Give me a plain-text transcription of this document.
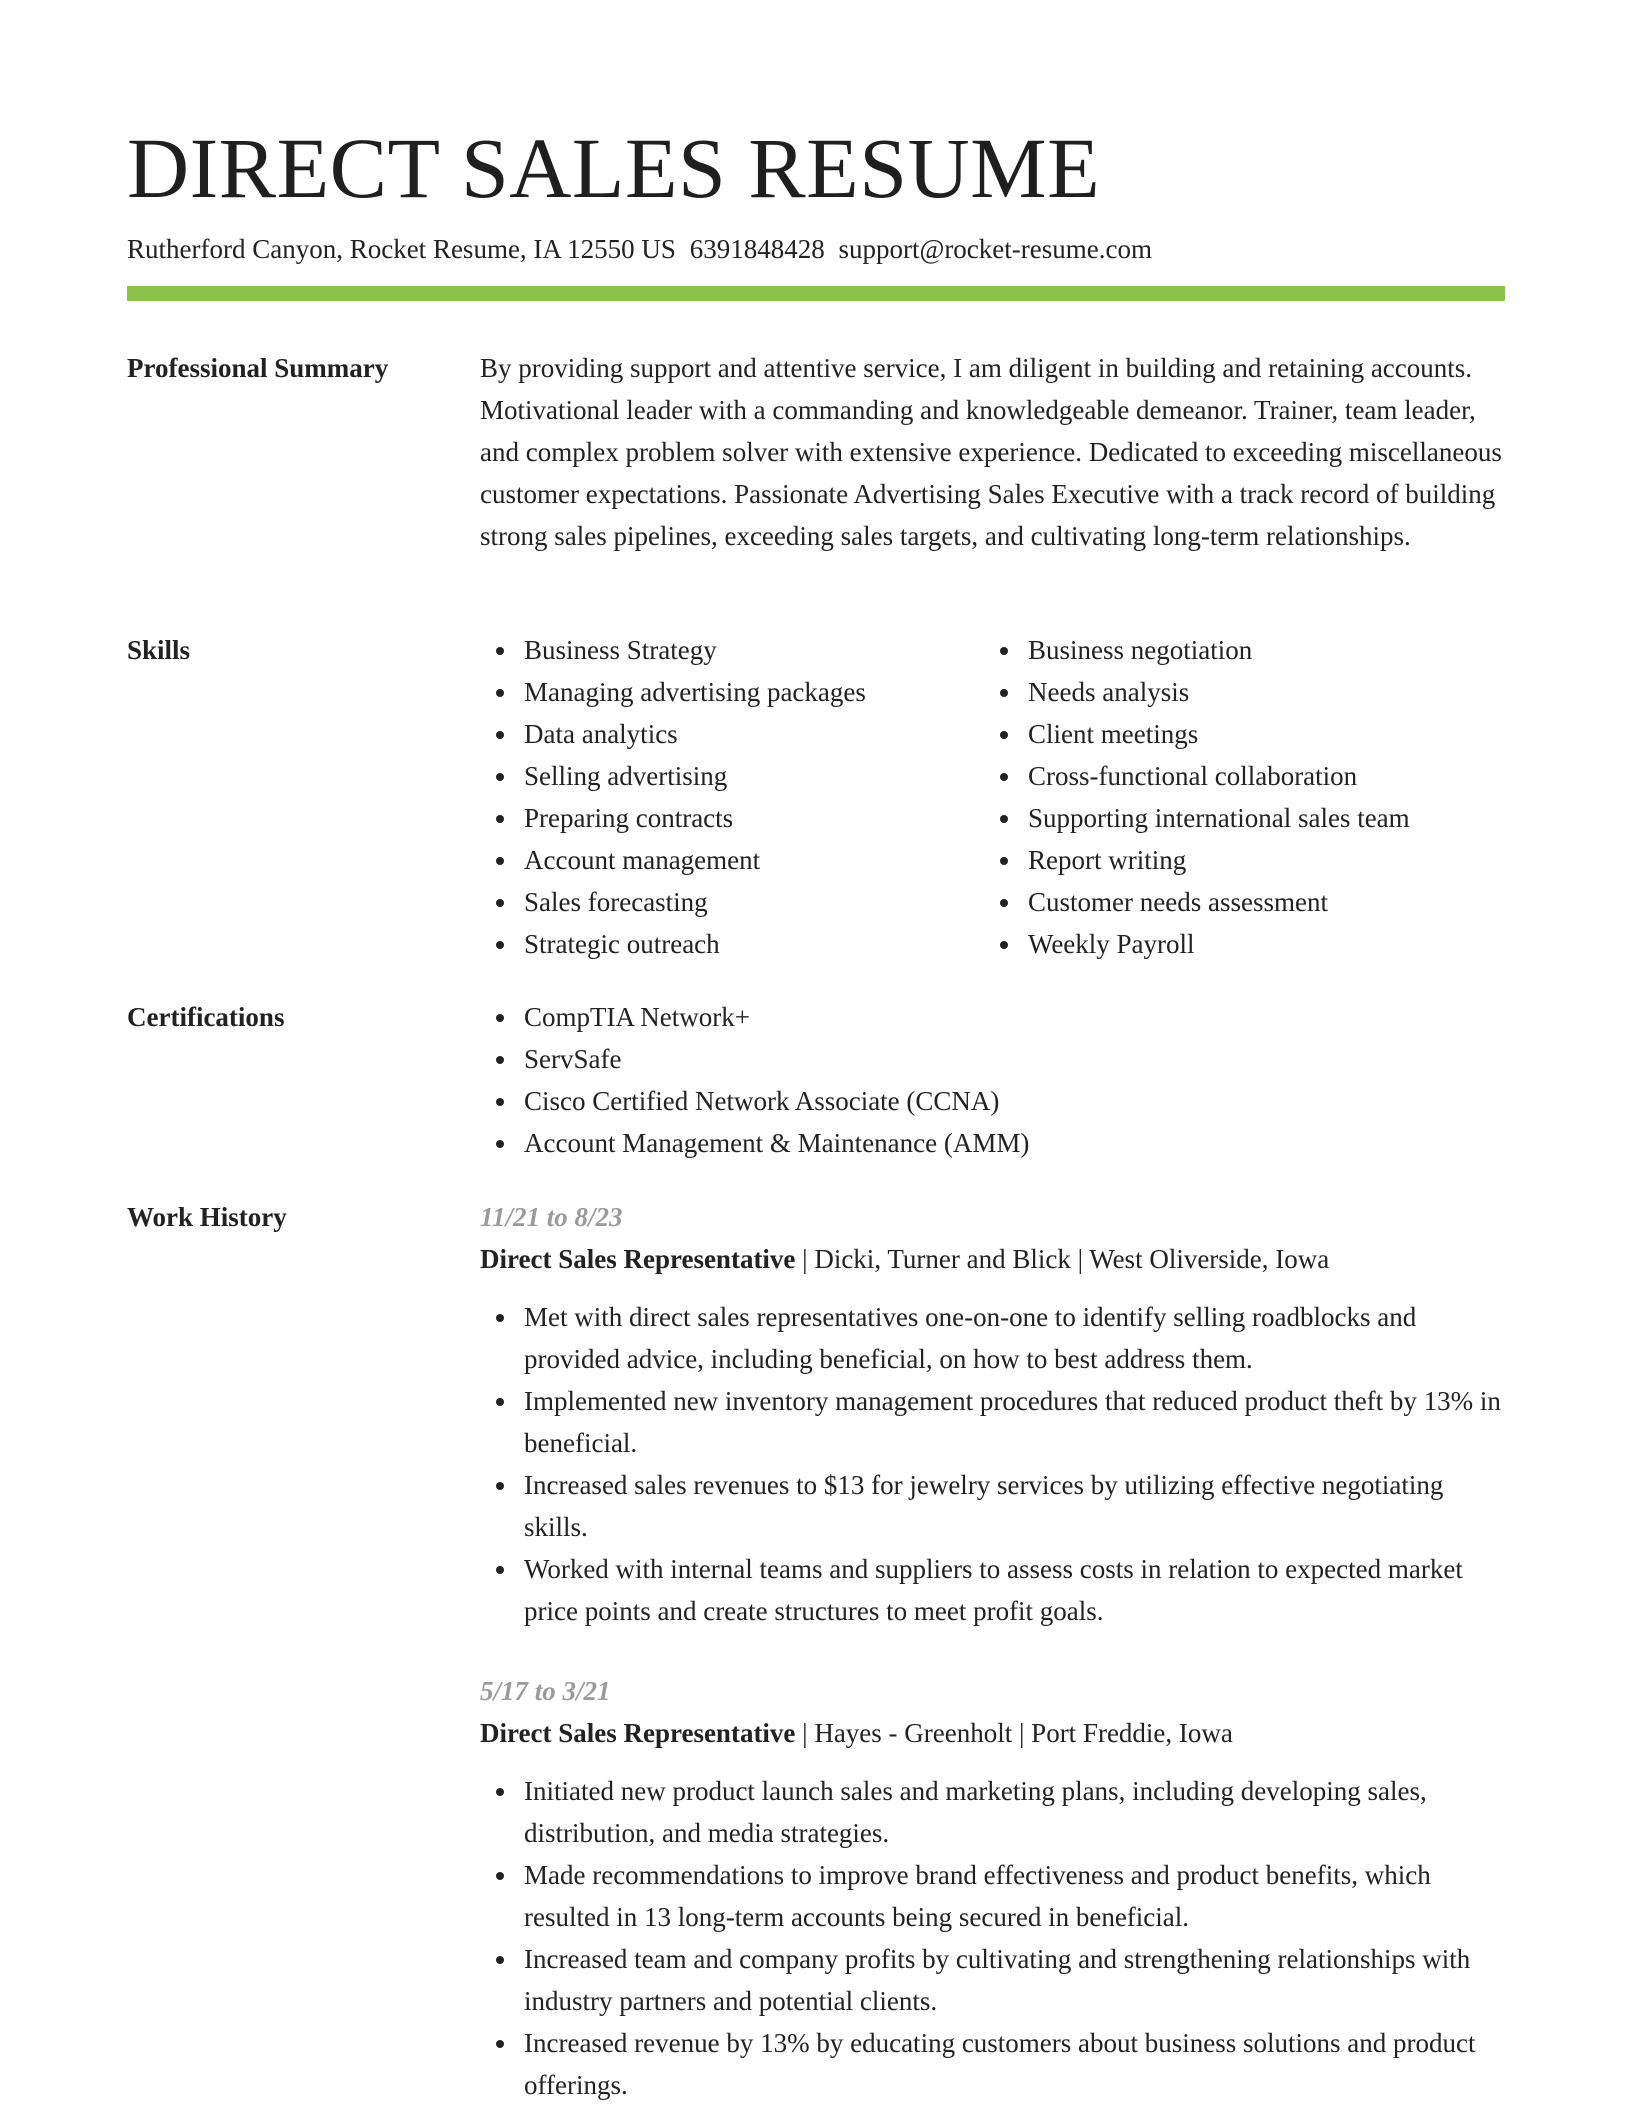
DIRECT SALES RESUME
Rutherford Canyon, Rocket Resume, IA 12550 US 6391848428 support@rocket-resume.com
Professional Summary	By providing support and attentive service, I am diligent in building and retaining accounts. Motivational leader with a commanding and knowledgeable demeanor. Trainer, team leader, and complex problem solver with extensive experience. Dedicated to exceeding miscellaneous customer expectations. Passionate Advertising Sales Executive with a track record of building strong sales pipelines, exceeding sales targets, and cultivating long-term relationships.

Skills	Business Strategy
Managing advertising packages
Data analytics
Selling advertising
Preparing contracts
Account management
Sales forecasting
Strategic outreach
Business negotiation
Needs analysis
Client meetings
Cross-functional collaboration
Supporting international sales team
Report writing
Customer needs assessment
Weekly Payroll
Certifications	CompTIA Network+
ServSafe
Cisco Certified Network Associate (CCNA)
Account Management & Maintenance (AMM)
Work History	11/21 to 8/23
Direct Sales Representative | Dicki, Turner and Blick | West Oliverside, Iowa
Met with direct sales representatives one-on-one to identify selling roadblocks and provided advice, including beneficial, on how to best address them.
Implemented new inventory management procedures that reduced product theft by 13% in beneficial.
Increased sales revenues to $13 for jewelry services by utilizing effective negotiating skills.
Worked with internal teams and suppliers to assess costs in relation to expected market price points and create structures to meet profit goals.
5/17 to 3/21
Direct Sales Representative | Hayes - Greenholt | Port Freddie, Iowa
Initiated new product launch sales and marketing plans, including developing sales, distribution, and media strategies.
Made recommendations to improve brand effectiveness and product benefits, which resulted in 13 long-term accounts being secured in beneficial.
Increased team and company profits by cultivating and strengthening relationships with industry partners and potential clients.
Increased revenue by 13% by educating customers about business solutions and product offerings.
